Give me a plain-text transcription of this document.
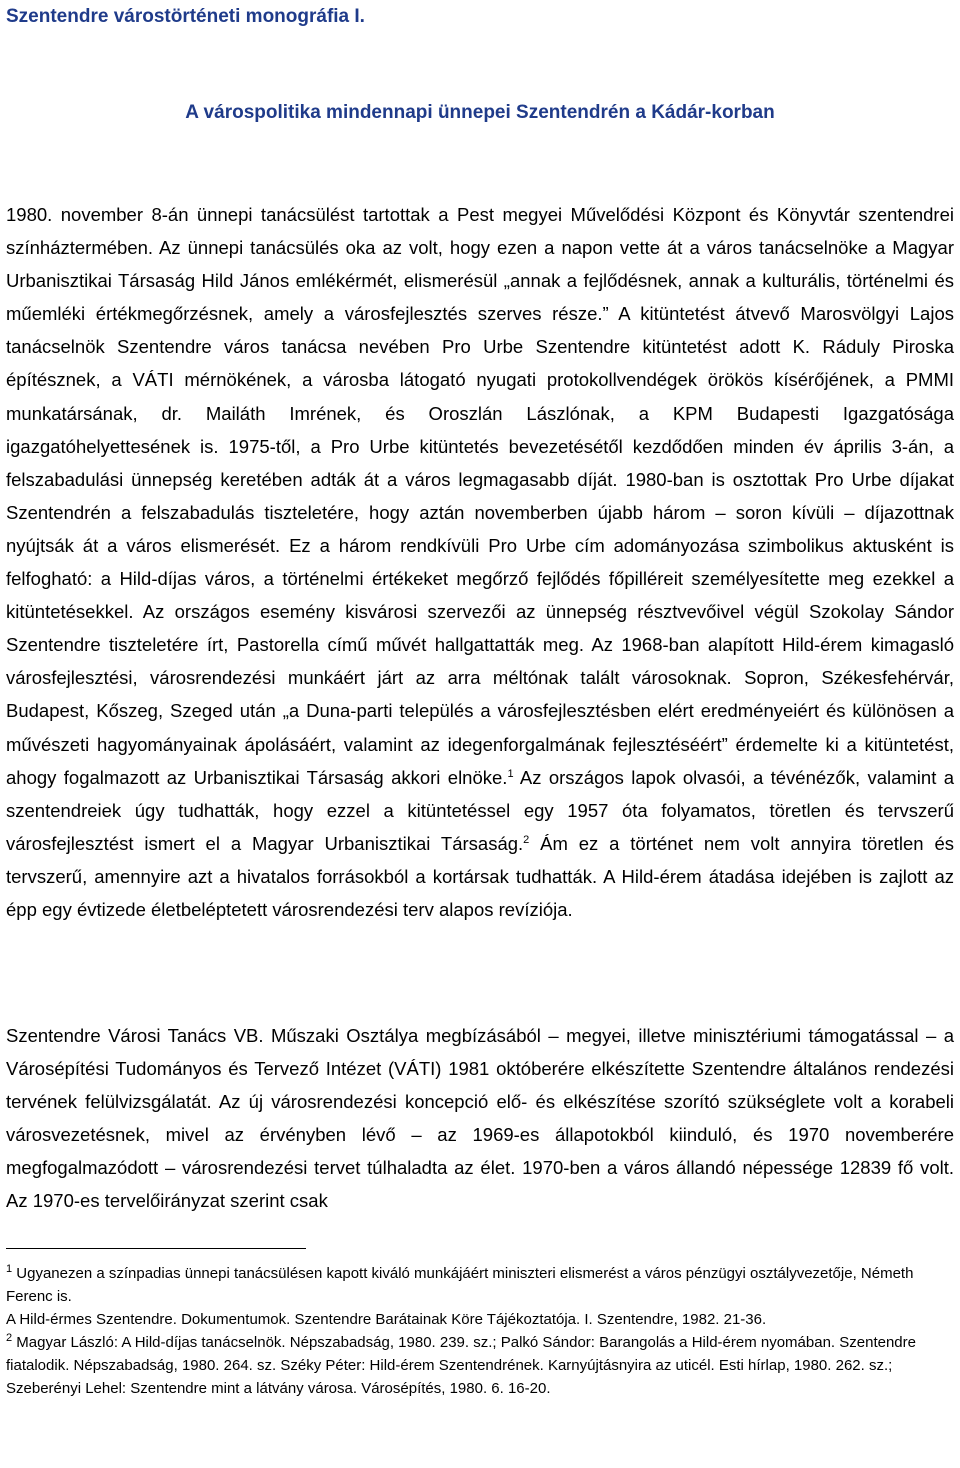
Szentendre várostörténeti monográfia I.
A várospolitika mindennapi ünnepei Szentendrén a Kádár-korban

1980. november 8-án ünnepi tanácsülést tartottak a Pest megyei Művelődési Központ és Könyvtár szentendrei színháztermében. Az ünnepi tanácsülés oka az volt, hogy ezen a napon vette át a város tanácselnöke a Magyar Urbanisztikai Társaság Hild János emlékérmét, elismerésül „annak a fejlődésnek, annak a kulturális, történelmi és műemléki értékmegőrzésnek, amely a városfejlesztés szerves része.” A kitüntetést átvevő Marosvölgyi Lajos tanácselnök Szentendre város tanácsa nevében Pro Urbe Szentendre kitüntetést adott K. Ráduly Piroska építésznek, a VÁTI mérnökének, a városba látogató nyugati protokollvendégek örökös kísérőjének, a PMMI munkatársának, dr. Mailáth Imrének, és Oroszlán Lászlónak, a KPM Budapesti Igazgatósága igazgatóhelyettesének is. 1975-től, a Pro Urbe kitüntetés bevezetésétől kezdődően minden év április 3-án, a felszabadulási ünnepség keretében adták át a város legmagasabb díját. 1980-ban is osztottak Pro Urbe díjakat Szentendrén a felszabadulás tiszteletére, hogy aztán novemberben újabb három – soron kívüli – díjazottnak nyújtsák át a város elismerését. Ez a három rendkívüli Pro Urbe cím adományozása szimbolikus aktusként is felfogható: a Hild-díjas város, a történelmi értékeket megőrző fejlődés főpilléreit személyesítette meg ezekkel a kitüntetésekkel. Az országos esemény kisvárosi szervezői az ünnepség résztvevőivel végül Szokolay Sándor Szentendre tiszteletére írt, Pastorella című művét hallgattatták meg. Az 1968-ban alapított Hild-érem kimagasló városfejlesztési, városrendezési munkáért járt az arra méltónak talált városoknak. Sopron, Székesfehérvár, Budapest, Kőszeg, Szeged után „a Duna-parti település a városfejlesztésben elért eredményeiért és különösen a művészeti hagyományainak ápolásáért, valamint az idegenforgalmának fejlesztéséért” érdemelte ki a kitüntetést, ahogy fogalmazott az Urbanisztikai Társaság akkori elnöke.$^1$ Az országos lapok olvasói, a tévénézők, valamint a szentendreiek úgy tudhatták, hogy ezzel a kitüntetéssel egy 1957 óta folyamatos, töretlen és tervszerű városfejlesztést ismert el a Magyar Urbanisztikai Társaság.$^2$ Ám ez a történet nem volt annyira töretlen és tervszerű, amennyire azt a hivatalos forrásokból a kortársak tudhatták. A Hild-érem átadása idejében is zajlott az épp egy évtizede életbeléptetett városrendezési terv alapos revíziója.

Szentendre Városi Tanács VB. Műszaki Osztálya megbízásából – megyei, illetve minisztériumi támogatással – a Városépítési Tudományos és Tervező Intézet (VÁTI) 1981 októberére elkészítette Szentendre általános rendezési tervének felülvizsgálatát. Az új városrendezési koncepció elő- és elkészítése szorító szükséglete volt a korabeli városvezetésnek, mivel az érvényben lévő – az 1969-es állapotokból kiinduló, és 1970 novemberére megfogalmazódott – városrendezési tervet túlhaladta az élet. 1970-ben a város állandó népessége 12839 fő volt. Az 1970-es tervelőirányzat szerint csak

$^1$ Ugyanezen a színpadias ünnepi tanácsülésen kapott kiváló munkájáért miniszteri elismerést a város pénzügyi osztályvezetője, Németh Ferenc is.

A Hild-érmes Szentendre. Dokumentumok. Szentendre Barátainak Köre Tájékoztatója. I. Szentendre, 1982. 21-36.

$^2$ Magyar László: A Hild-díjas tanácselnök. Népszabadság, 1980. 239. sz.; Palkó Sándor: Barangolás a Hild-érem nyomában. Szentendre fiatalodik. Népszabadság, 1980. 264. sz. Széky Péter: Hild-érem Szentendrének. Karnyújtásnyira az uticél. Esti hírlap, 1980. 262. sz.; Szeberényi Lehel: Szentendre mint a látvány városa. Városépítés, 1980. 6. 16-20.
